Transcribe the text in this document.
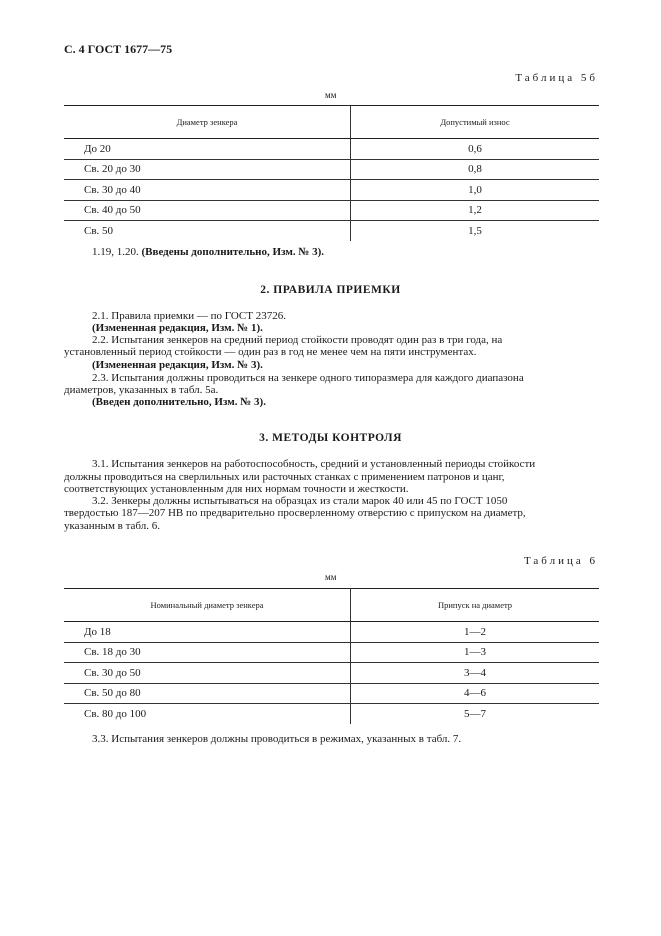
С. 4 ГОСТ 1677—75
Таблица 5б
мм
Диаметр зенкера	Допустимый износ
До 20	0,6
Св. 20 до 30	0,8
Св. 30 до 40	1,0
Св. 40 до 50	1,2
Св. 50	1,5
1.19, 1.20. (Введены дополнительно, Изм. № 3).
2. ПРАВИЛА ПРИЕМКИ
2.1. Правила приемки — по ГОСТ 23726.
(Измененная редакция, Изм. № 1).
2.2. Испытания зенкеров на средний период стойкости проводят один раз в три года, на
установленный период стойкости — один раз в год не менее чем на пяти инструментах.
(Измененная редакция, Изм. № 3).
2.3. Испытания должны проводиться на зенкере одного типоразмера для каждого диапазона
диаметров, указанных в табл. 5а.
(Введен дополнительно, Изм. № 3).
3. МЕТОДЫ КОНТРОЛЯ
3.1. Испытания зенкеров на работоспособность, средний и установленный периоды стойкости
должны проводиться на сверлильных или расточных станках с применением патронов и цанг,
соответствующих установленным для них нормам точности и жесткости.
3.2. Зенкеры должны испытываться на образцах из стали марок 40 или 45 по ГОСТ 1050
твердостью 187—207 НВ по предварительно просверленному отверстию с припуском на диаметр,
указанным в табл. 6.
Таблица 6
мм
Номинальный диаметр зенкера	Припуск на диаметр
До 18	1—2
Св. 18 до 30	1—3
Св. 30 до 50	3—4
Св. 50 до 80	4—6
Св. 80 до 100	5—7
3.3. Испытания зенкеров должны проводиться в режимах, указанных в табл. 7.
